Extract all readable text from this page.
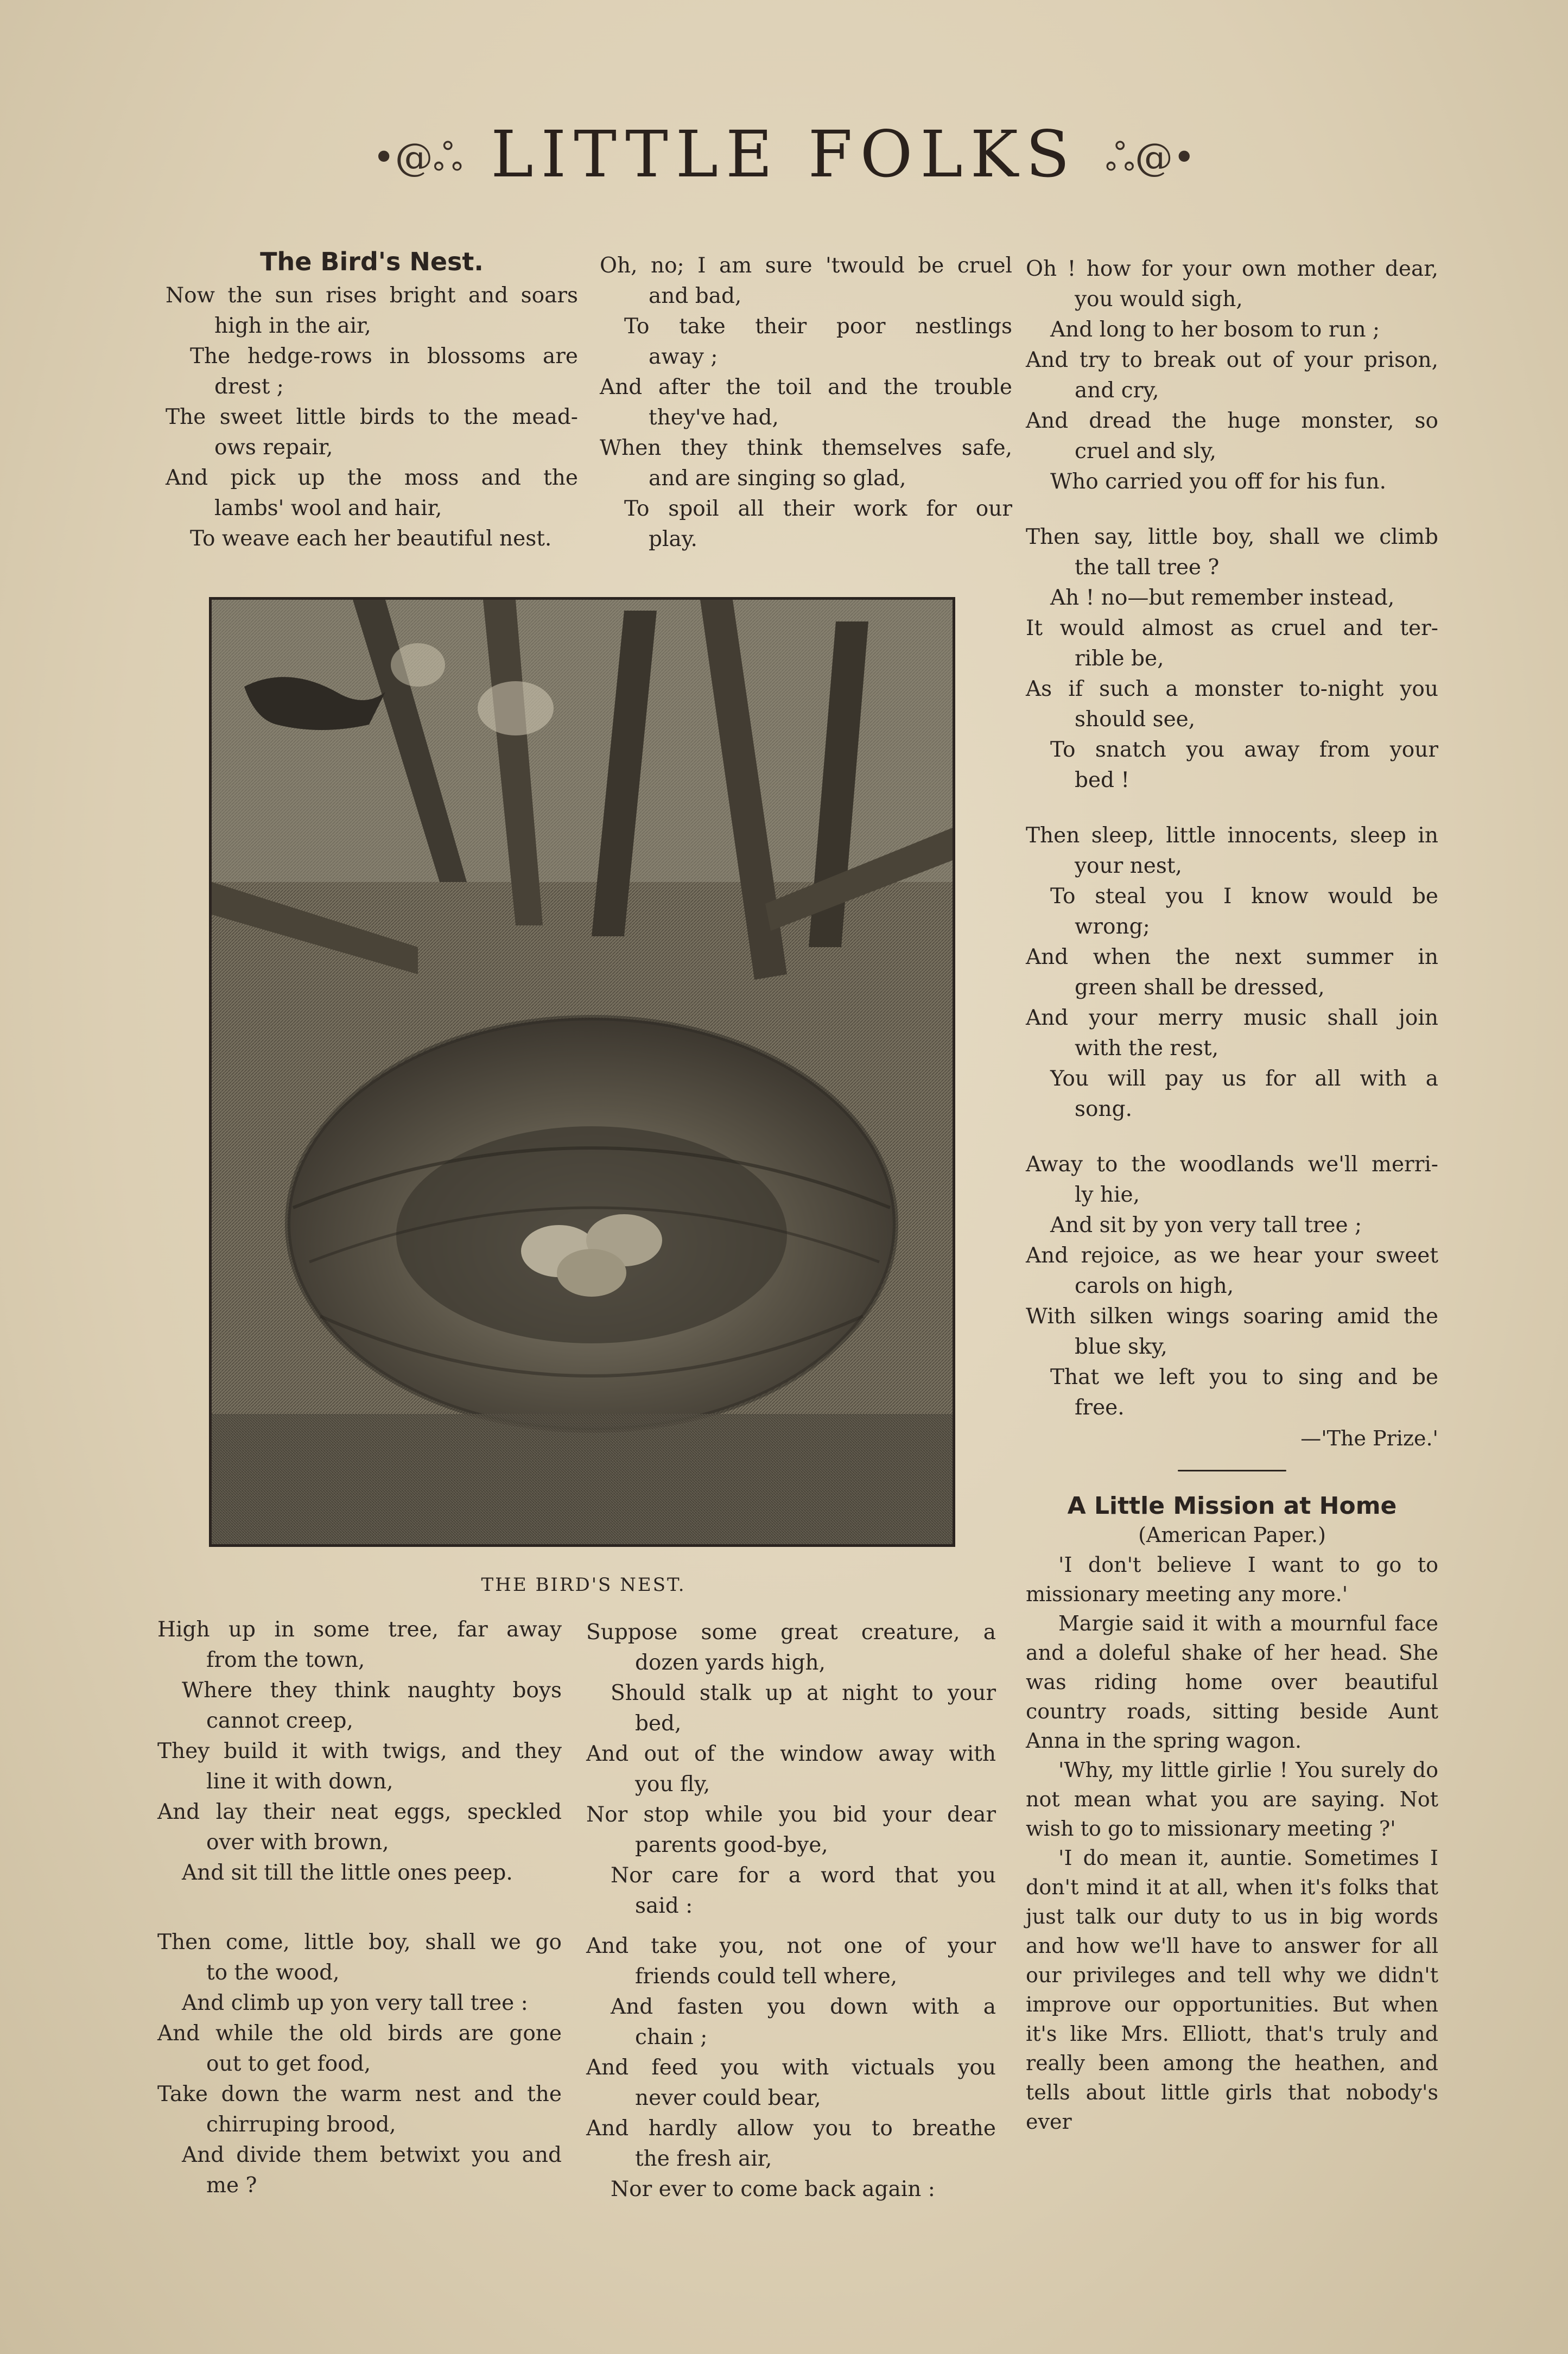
•@ஃ LITTLE FOLKS ஃ@•
The Bird's Nest.
Now the sun rises bright and soars
high in the air,
The hedge-rows in blossoms are
drest ;
The sweet little birds to the mead-
ows repair,
And pick up the moss and the
lambs' wool and hair,
To weave each her beautiful nest.
Oh, no; I am sure 'twould be cruel
and bad,
To take their poor nestlings
away ;
And after the toil and the trouble
they've had,
When they think themselves safe,
and are singing so glad,
To spoil all their work for our
play.
Oh ! how for your own mother dear,
you would sigh,
And long to her bosom to run ;
And try to break out of your prison,
and cry,
And dread the huge monster, so
cruel and sly,
Who carried you off for his fun.
Then say, little boy, shall we climb
the tall tree ?
Ah ! no—but remember instead,
It would almost as cruel and ter-
rible be,
As if such a monster to-night you
should see,
To snatch you away from your
bed !
Then sleep, little innocents, sleep in
your nest,
To steal you I know would be
wrong;
And when the next summer in
green shall be dressed,
And your merry music shall join
with the rest,
You will pay us for all with a
song.
Away to the woodlands we'll merri-
ly hie,
And sit by yon very tall tree ;
And rejoice, as we hear your sweet
carols on high,
With silken wings soaring amid the
blue sky,
That we left you to sing and be
free.
—'The Prize.'
A Little Mission at Home
(American Paper.)

'I don't believe I want to go to missionary meeting any more.'

Margie said it with a mournful face and a doleful shake of her head. She was riding home over beautiful country roads, sitting beside Aunt Anna in the spring wagon.

'Why, my little girlie ! You surely do not mean what you are saying. Not wish to go to missionary meeting ?'

'I do mean it, auntie. Sometimes I don't mind it at all, when it's folks that just talk our duty to us in big words and how we'll have to answer for all our privileges and tell why we didn't improve our opportunities. But when it's like Mrs. Elliott, that's truly and really been among the heathen, and tells about little girls that nobody's ever

THE BIRD'S NEST.
High up in some tree, far away
from the town,
Where they think naughty boys
cannot creep,
They build it with twigs, and they
line it with down,
And lay their neat eggs, speckled
over with brown,
And sit till the little ones peep.
Then come, little boy, shall we go
to the wood,
And climb up yon very tall tree :
And while the old birds are gone
out to get food,
Take down the warm nest and the
chirruping brood,
And divide them betwixt you and
me ?
Suppose some great creature, a
dozen yards high,
Should stalk up at night to your
bed,
And out of the window away with
you fly,
Nor stop while you bid your dear
parents good-bye,
Nor care for a word that you
said :
And take you, not one of your
friends could tell where,
And fasten you down with a
chain ;
And feed you with victuals you
never could bear,
And hardly allow you to breathe
the fresh air,
Nor ever to come back again :
